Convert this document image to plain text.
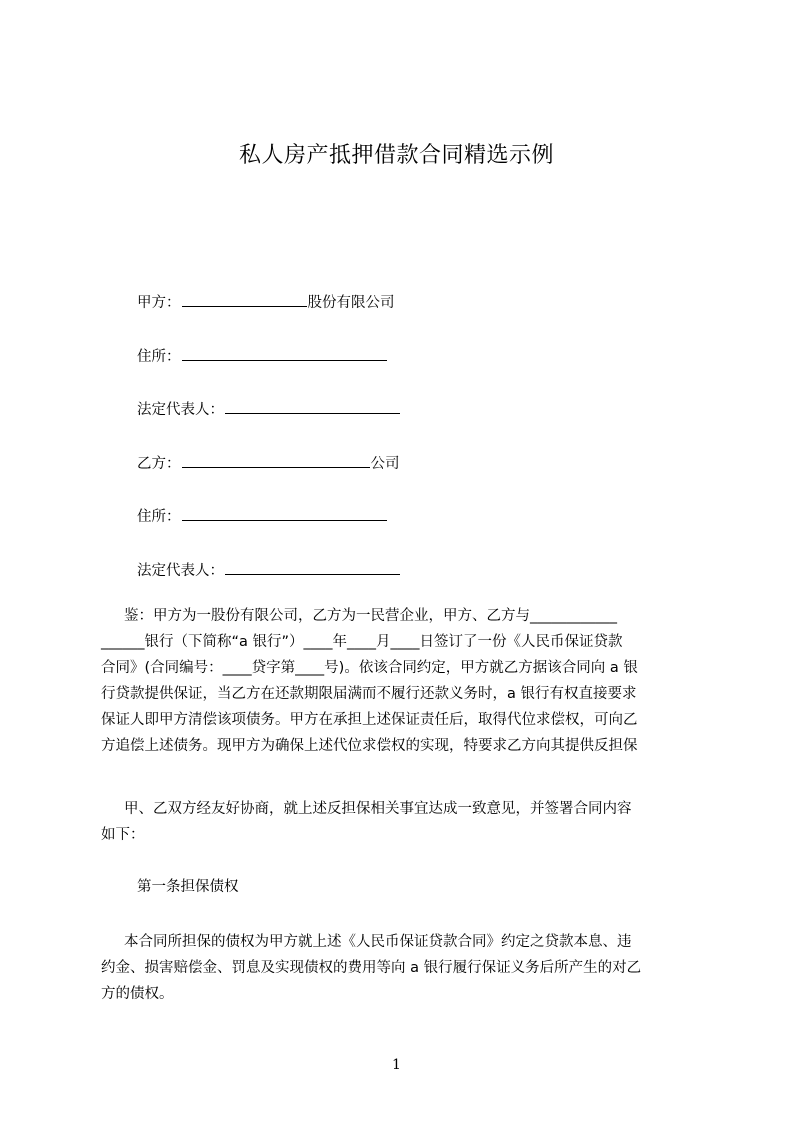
私人房产抵押借款合同精选示例
甲方：	股份有限公司
住所：
法定代表人：
乙方：	公司
住所：
法定代表人：
鉴：甲方为一股份有限公司，乙方为一民营企业，甲方、乙方与____________
______银行（下简称“a 银行”）____年____月____日签订了一份《人民币保证贷款
合同》(合同编号：____贷字第____号)。依该合同约定，甲方就乙方据该合同向 a 银
行贷款提供保证，当乙方在还款期限届满而不履行还款义务时，a 银行有权直接要求
保证人即甲方清偿该项债务。甲方在承担上述保证责任后，取得代位求偿权，可向乙
方追偿上述债务。现甲方为确保上述代位求偿权的实现，特要求乙方向其提供反担保
甲、乙双方经友好协商，就上述反担保相关事宜达成一致意见，并签署合同内容
如下：
第一条担保债权
本合同所担保的债权为甲方就上述《人民币保证贷款合同》约定之贷款本息、违
约金、损害赔偿金、罚息及实现债权的费用等向 a 银行履行保证义务后所产生的对乙
方的债权。
1
